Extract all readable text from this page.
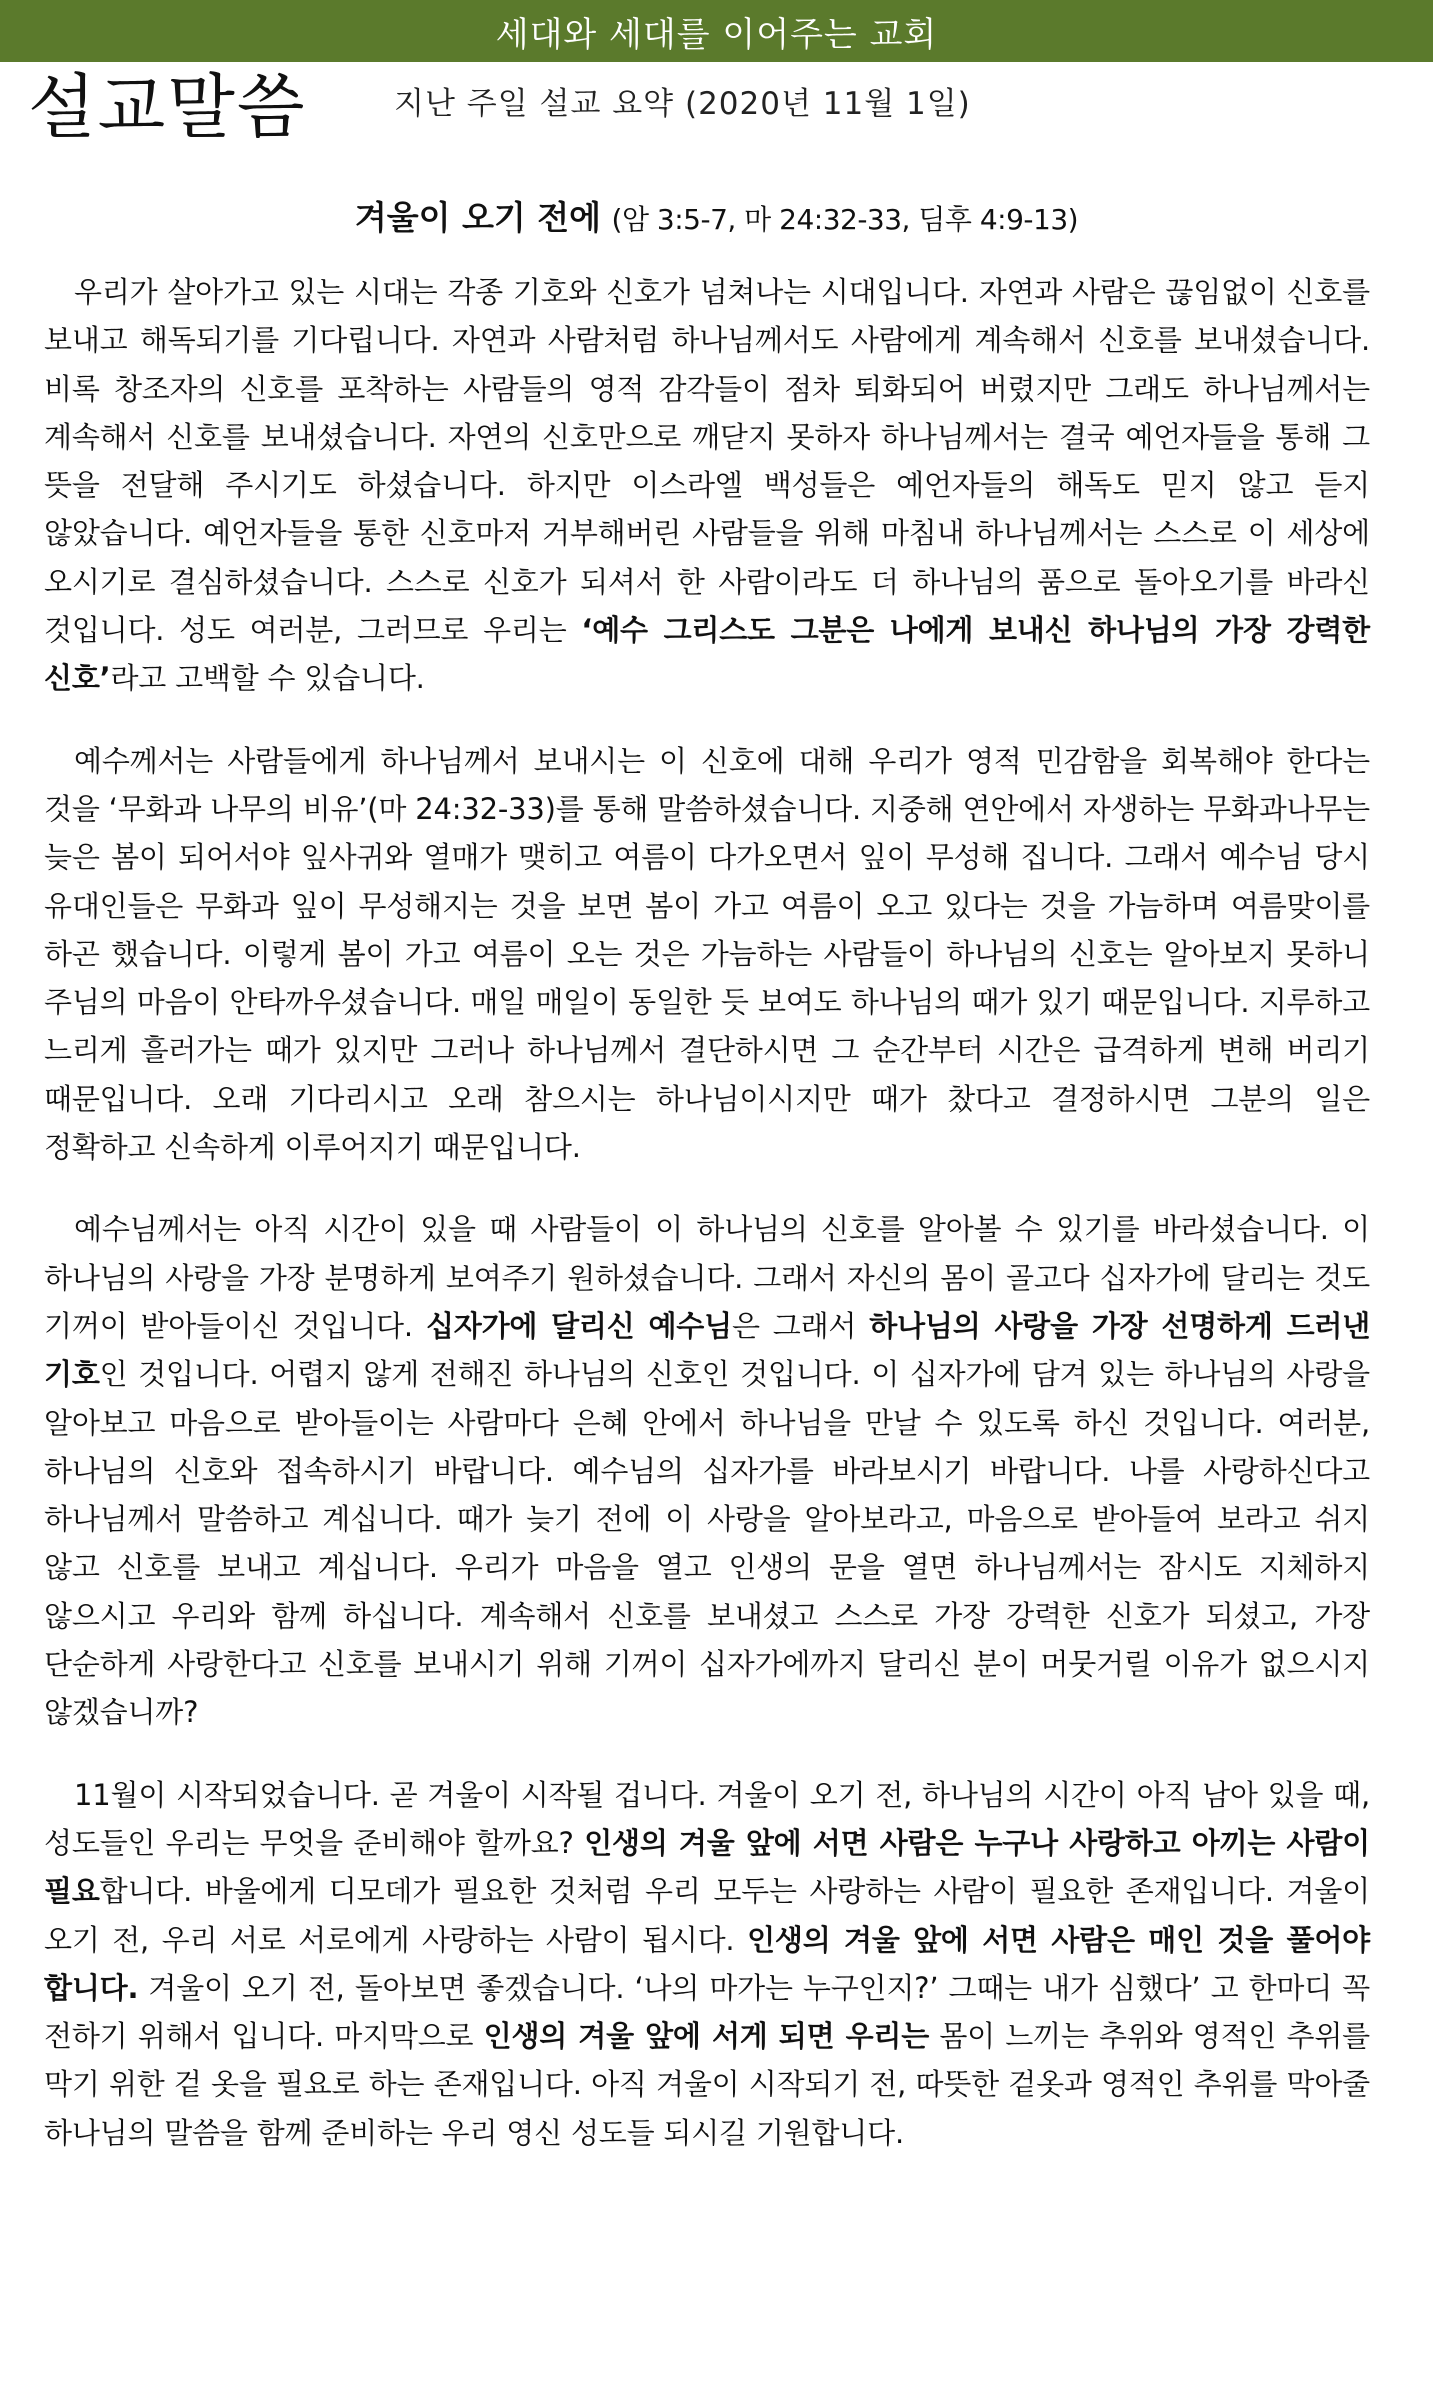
세대와 세대를 이어주는 교회
설교말씀	지난 주일 설교 요약 (2020년 11월 1일)
겨울이 오기 전에 (암 3:5-7, 마 24:32-33, 딤후 4:9-13)

우리가 살아가고 있는 시대는 각종 기호와 신호가 넘쳐나는 시대입니다. 자연과 사람은 끊임없이 신호를 보내고 해독되기를 기다립니다. 자연과 사람처럼 하나님께서도 사람에게 계속해서 신호를 보내셨습니다. 비록 창조자의 신호를 포착하는 사람들의 영적 감각들이 점차 퇴화되어 버렸지만 그래도 하나님께서는 계속해서 신호를 보내셨습니다. 자연의 신호만으로 깨닫지 못하자 하나님께서는 결국 예언자들을 통해 그 뜻을 전달해 주시기도 하셨습니다. 하지만 이스라엘 백성들은 예언자들의 해독도 믿지 않고 듣지 않았습니다. 예언자들을 통한 신호마저 거부해버린 사람들을 위해 마침내 하나님께서는 스스로 이 세상에 오시기로 결심하셨습니다. 스스로 신호가 되셔서 한 사람이라도 더 하나님의 품으로 돌아오기를 바라신 것입니다. 성도 여러분, 그러므로 우리는 ‘예수 그리스도 그분은 나에게 보내신 하나님의 가장 강력한 신호’라고 고백할 수 있습니다.

예수께서는 사람들에게 하나님께서 보내시는 이 신호에 대해 우리가 영적 민감함을 회복해야 한다는 것을 ‘무화과 나무의 비유’(마 24:32-33)를 통해 말씀하셨습니다. 지중해 연안에서 자생하는 무화과나무는 늦은 봄이 되어서야 잎사귀와 열매가 맺히고 여름이 다가오면서 잎이 무성해 집니다. 그래서 예수님 당시 유대인들은 무화과 잎이 무성해지는 것을 보면 봄이 가고 여름이 오고 있다는 것을 가늠하며 여름맞이를 하곤 했습니다. 이렇게 봄이 가고 여름이 오는 것은 가늠하는 사람들이 하나님의 신호는 알아보지 못하니 주님의 마음이 안타까우셨습니다. 매일 매일이 동일한 듯 보여도 하나님의 때가 있기 때문입니다. 지루하고 느리게 흘러가는 때가 있지만 그러나 하나님께서 결단하시면 그 순간부터 시간은 급격하게 변해 버리기 때문입니다. 오래 기다리시고 오래 참으시는 하나님이시지만 때가 찼다고 결정하시면 그분의 일은 정확하고 신속하게 이루어지기 때문입니다.

예수님께서는 아직 시간이 있을 때 사람들이 이 하나님의 신호를 알아볼 수 있기를 바라셨습니다. 이 하나님의 사랑을 가장 분명하게 보여주기 원하셨습니다. 그래서 자신의 몸이 골고다 십자가에 달리는 것도 기꺼이 받아들이신 것입니다. 십자가에 달리신 예수님은 그래서 하나님의 사랑을 가장 선명하게 드러낸 기호인 것입니다. 어렵지 않게 전해진 하나님의 신호인 것입니다. 이 십자가에 담겨 있는 하나님의 사랑을 알아보고 마음으로 받아들이는 사람마다 은혜 안에서 하나님을 만날 수 있도록 하신 것입니다. 여러분, 하나님의 신호와 접속하시기 바랍니다. 예수님의 십자가를 바라보시기 바랍니다. 나를 사랑하신다고 하나님께서 말씀하고 계십니다. 때가 늦기 전에 이 사랑을 알아보라고, 마음으로 받아들여 보라고 쉬지 않고 신호를 보내고 계십니다. 우리가 마음을 열고 인생의 문을 열면 하나님께서는 잠시도 지체하지 않으시고 우리와 함께 하십니다. 계속해서 신호를 보내셨고 스스로 가장 강력한 신호가 되셨고, 가장 단순하게 사랑한다고 신호를 보내시기 위해 기꺼이 십자가에까지 달리신 분이 머뭇거릴 이유가 없으시지 않겠습니까?

11월이 시작되었습니다. 곧 겨울이 시작될 겁니다. 겨울이 오기 전, 하나님의 시간이 아직 남아 있을 때, 성도들인 우리는 무엇을 준비해야 할까요? 인생의 겨울 앞에 서면 사람은 누구나 사랑하고 아끼는 사람이 필요합니다. 바울에게 디모데가 필요한 것처럼 우리 모두는 사랑하는 사람이 필요한 존재입니다. 겨울이 오기 전, 우리 서로 서로에게 사랑하는 사람이 됩시다. 인생의 겨울 앞에 서면 사람은 매인 것을 풀어야 합니다. 겨울이 오기 전, 돌아보면 좋겠습니다. ‘나의 마가는 누구인지?’ 그때는 내가 심했다’ 고 한마디 꼭 전하기 위해서 입니다. 마지막으로 인생의 겨울 앞에 서게 되면 우리는 몸이 느끼는 추위와 영적인 추위를 막기 위한 겉 옷을 필요로 하는 존재입니다. 아직 겨울이 시작되기 전, 따뜻한 겉옷과 영적인 추위를 막아줄 하나님의 말씀을 함께 준비하는 우리 영신 성도들 되시길 기원합니다.
